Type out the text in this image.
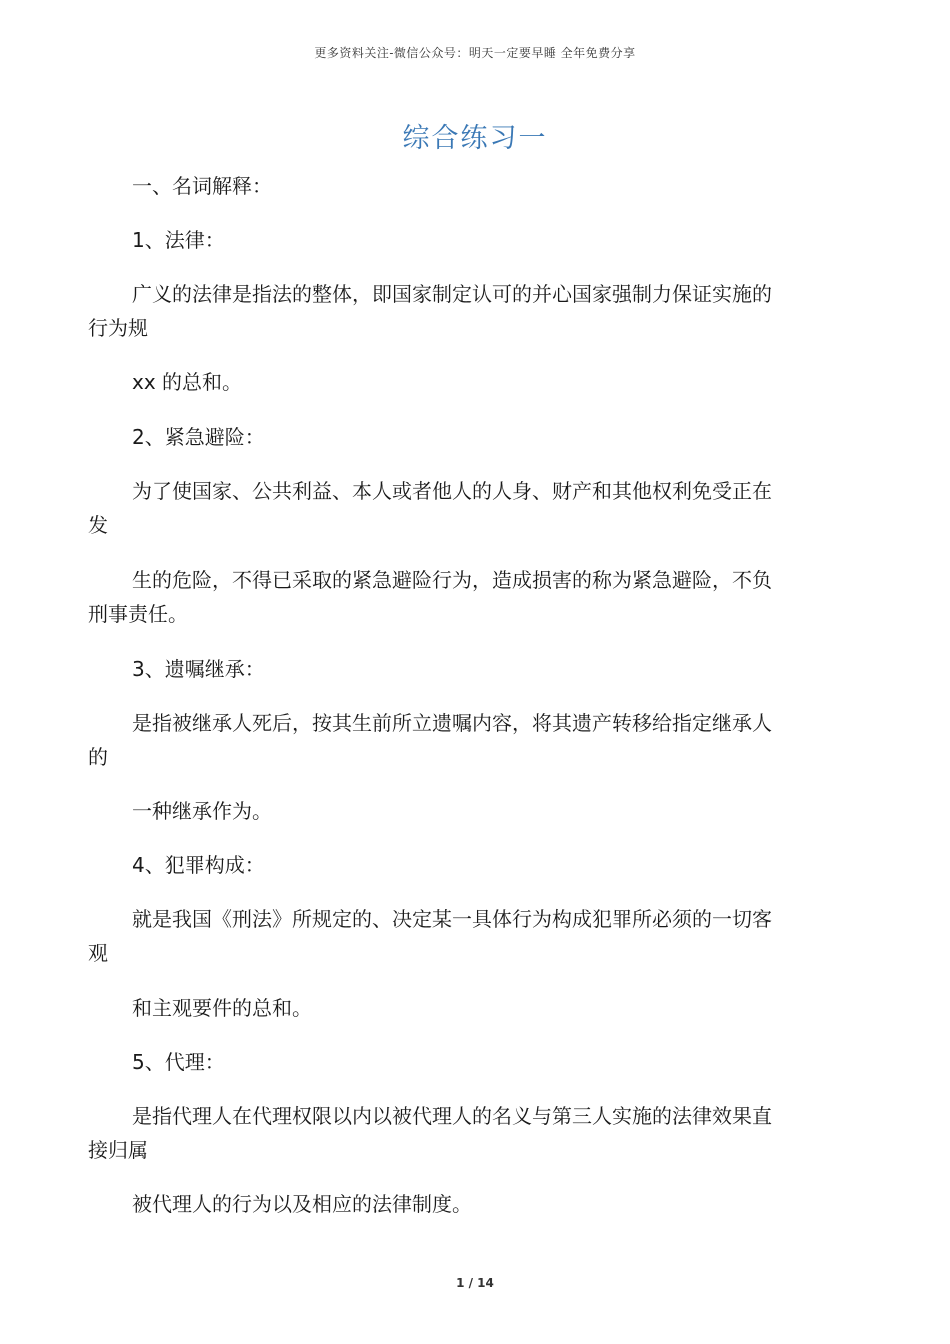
更多资料关注-微信公众号：明天一定要早睡 全年免费分享
综合练习一
一、名词解释：
1、法律：
广义的法律是指法的整体，即国家制定认可的并心国家强制力保证实施的
行为规
xx 的总和。
2、紧急避险：
为了使国家、公共利益、本人或者他人的人身、财产和其他权利免受正在
发
生的危险，不得已采取的紧急避险行为，造成损害的称为紧急避险，不负
刑事责任。
3、遗嘱继承：
是指被继承人死后，按其生前所立遗嘱内容，将其遗产转移给指定继承人
的
一种继承作为。
4、犯罪构成：
就是我国《刑法》所规定的、决定某一具体行为构成犯罪所必须的一切客
观
和主观要件的总和。
5、代理：
是指代理人在代理权限以内以被代理人的名义与第三人实施的法律效果直
接归属
被代理人的行为以及相应的法律制度。
1 / 14
